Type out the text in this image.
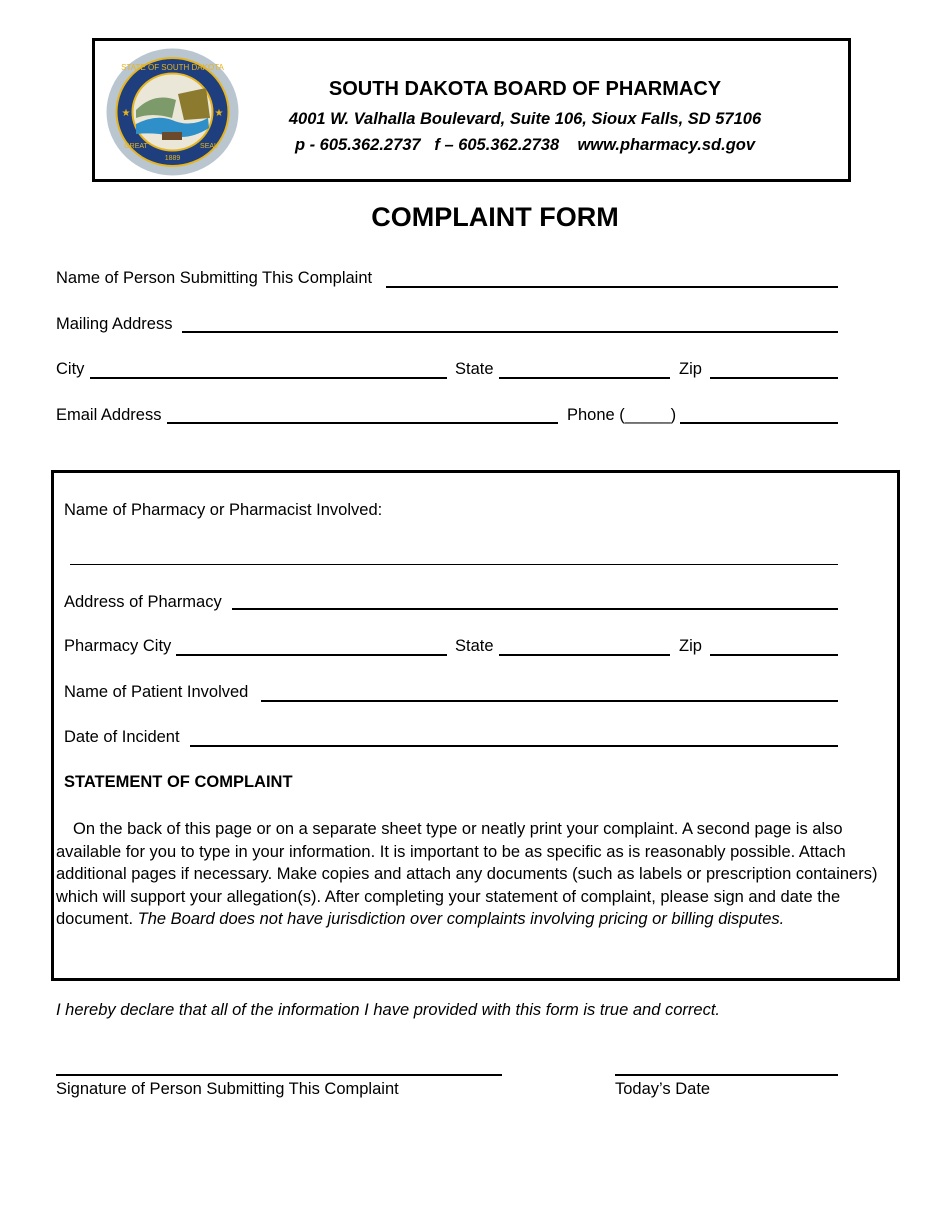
STATE OF SOUTH DAKOTA
GREAT	SEAL
1889
★	★
SOUTH DAKOTA BOARD OF PHARMACY
4001 W. Valhalla Boulevard, Suite 106, Sioux Falls, SD 57106
p - 605.362.2737   f – 605.362.2738    www.pharmacy.sd.gov
COMPLAINT FORM
Name of Person Submitting This Complaint
Mailing Address
City	State	Zip
Email Address	Phone (_____)
Name of Pharmacy or Pharmacist Involved:
Address of Pharmacy
Pharmacy City	State	Zip
Name of Patient Involved
Date of Incident
STATEMENT OF COMPLAINT
On the back of this page or on a separate sheet type or neatly print your complaint. A second page is also available for you to type in your information. It is important to be as specific as is reasonably possible. Attach additional pages if necessary. Make copies and attach any documents (such as labels or prescription containers) which will support your allegation(s). After completing your statement of complaint, please sign and date the document. The Board does not have jurisdiction over complaints involving pricing or billing disputes.
I hereby declare that all of the information I have provided with this form is true and correct.
Signature of Person Submitting This Complaint	Today’s Date
